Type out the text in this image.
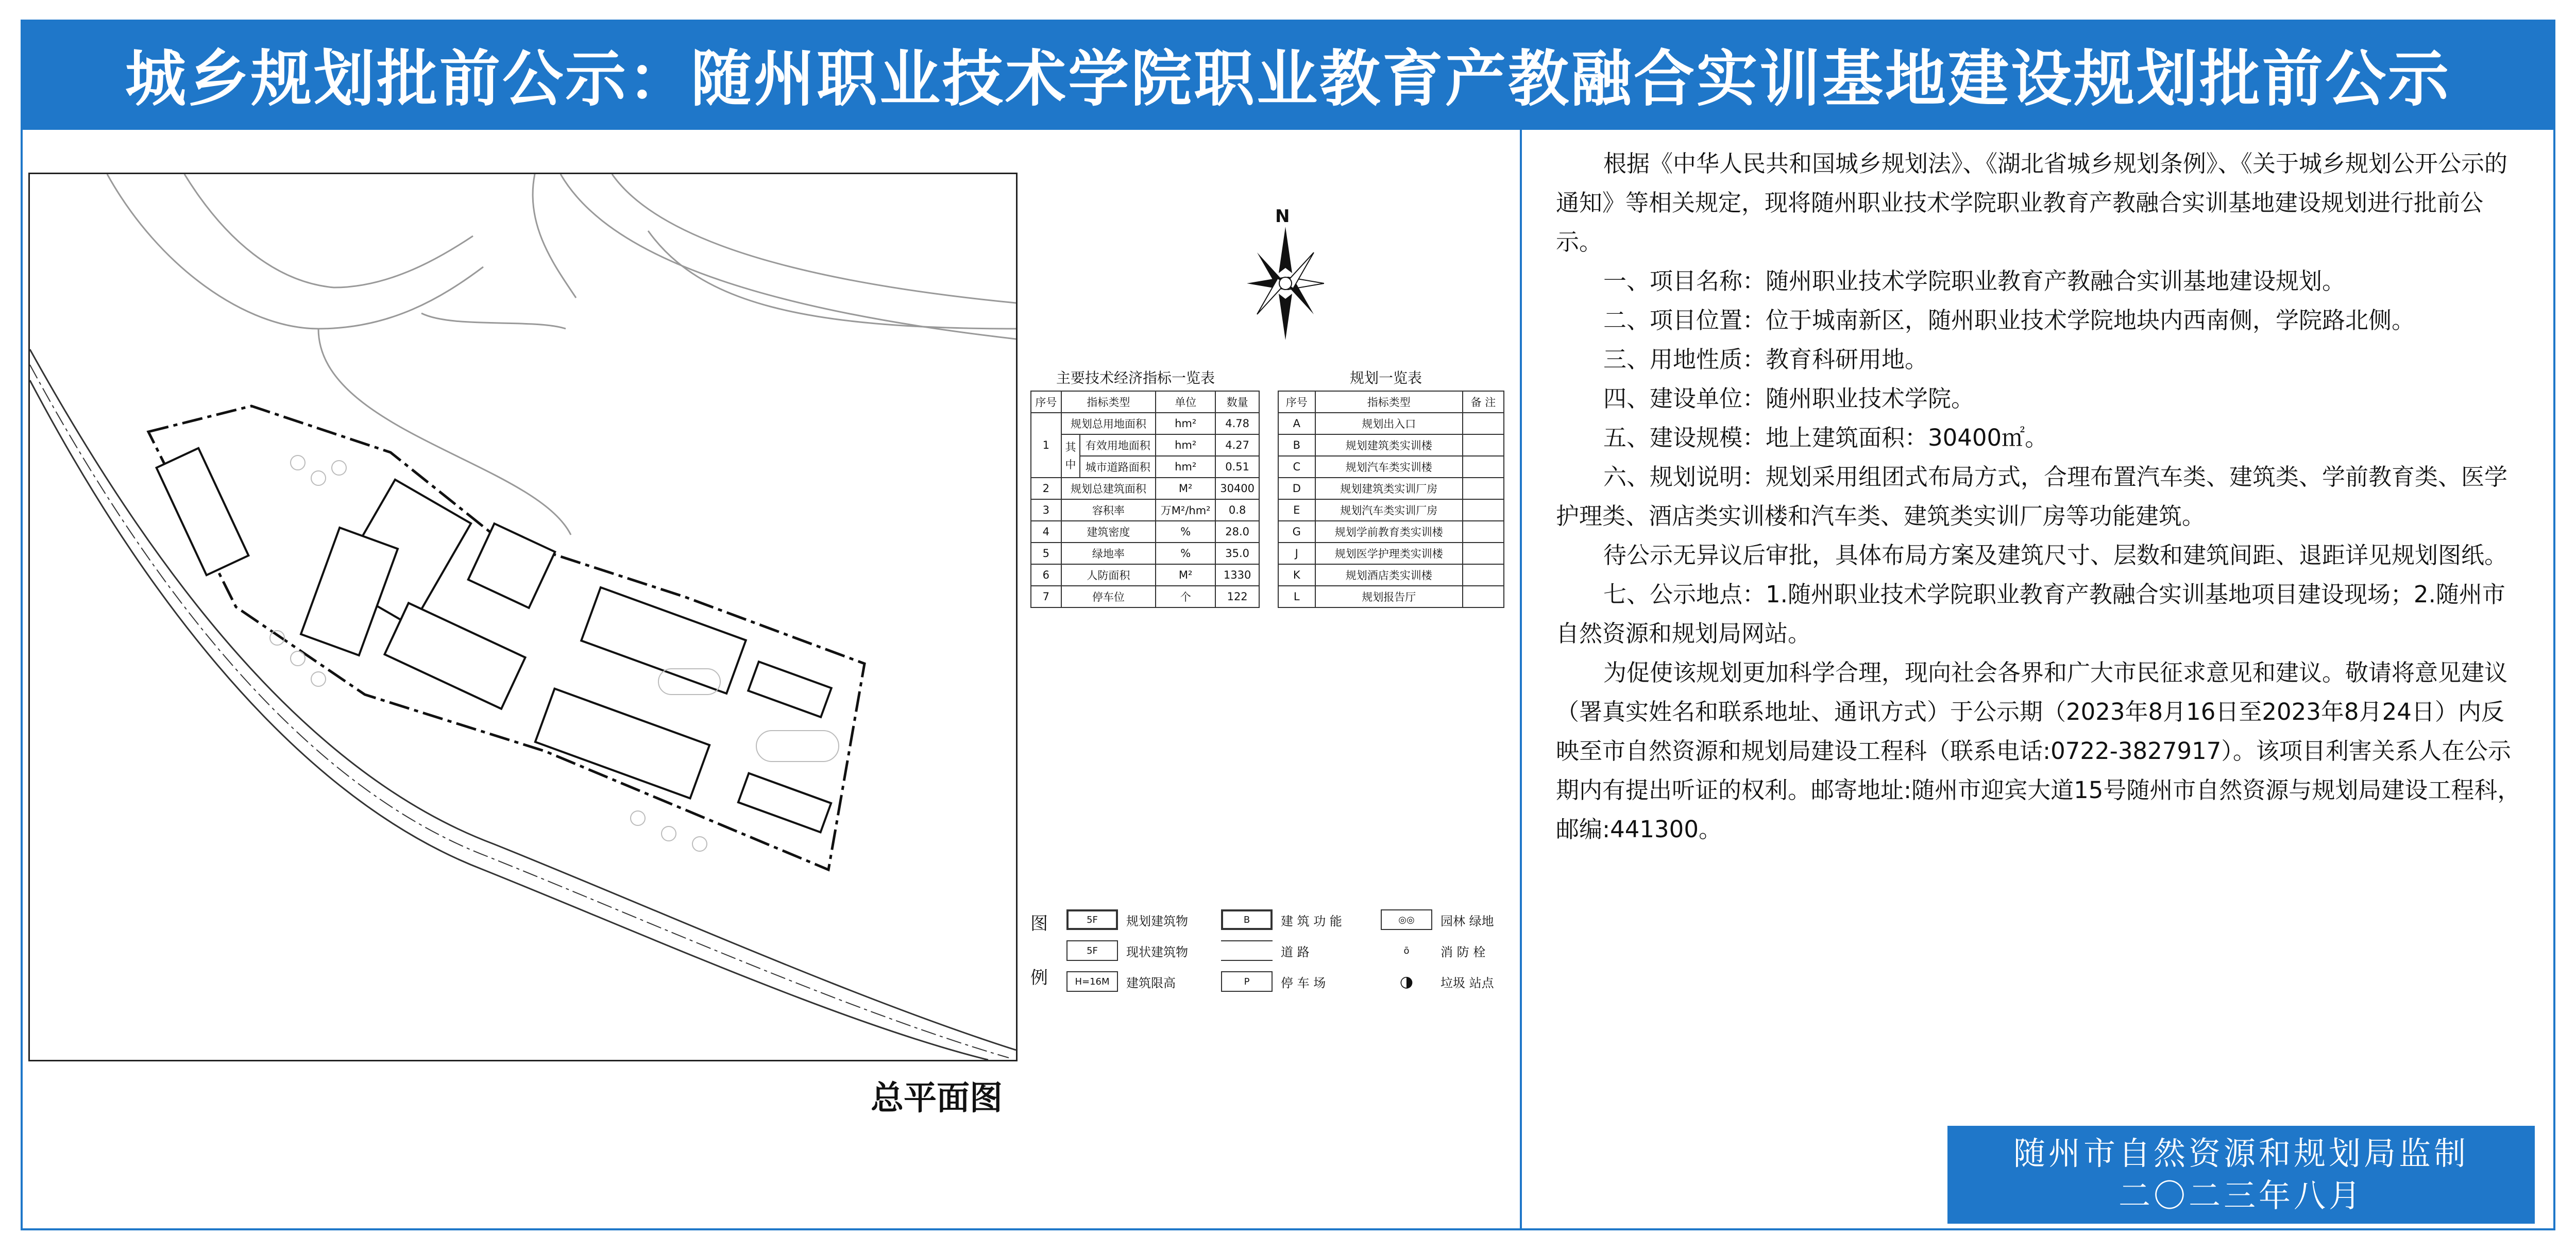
城乡规划批前公示：随州职业技术学院职业教育产教融合实训基地建设规划批前公示
总平面图
N
主要技术经济指标一览表
序号	指标类型		单位	数量
1	规划总用地面积		hm²	4.78
	其
中	有效用地面积	hm²	4.27
		城市道路面积	hm²	0.51
2	规划总建筑面积		M²	30400
3	容积率		万M²/hm²	0.8
4	建筑密度		%	28.0
5	绿地率		%	35.0
6	人防面积		M²	1330
7	停车位		个	122
规划一览表
序号	指标类型	备 注
A	规划出入口	
B	规划建筑类实训楼	
C	规划汽车类实训楼	
D	规划建筑类实训厂房	
E	规划汽车类实训厂房	
G	规划学前教育类实训楼	
J	规划医学护理类实训楼	
K	规划酒店类实训楼	
L	规划报告厅	
图
例
5F	规划建筑物
5F	现状建筑物
H=16M	建筑限高
B	建 筑 功 能
道 路
P	停 车 场
◎◎	园林 绿地
ō	消 防 栓
◑	垃圾 站点

根据《中华人民共和国城乡规划法》、《湖北省城乡规划条例》、《关于城乡规划公开公示的通知》等相关规定，现将随州职业技术学院职业教育产教融合实训基地建设规划进行批前公示。

一、项目名称：随州职业技术学院职业教育产教融合实训基地建设规划。

二、项目位置：位于城南新区，随州职业技术学院地块内西南侧，学院路北侧。

三、用地性质：教育科研用地。

四、建设单位：随州职业技术学院。

五、建设规模：地上建筑面积：30400㎡。

六、规划说明：规划采用组团式布局方式，合理布置汽车类、建筑类、学前教育类、医学护理类、酒店类实训楼和汽车类、建筑类实训厂房等功能建筑。

待公示无异议后审批，具体布局方案及建筑尺寸、层数和建筑间距、退距详见规划图纸。

七、公示地点：1.随州职业技术学院职业教育产教融合实训基地项目建设现场；2.随州市自然资源和规划局网站。

为促使该规划更加科学合理，现向社会各界和广大市民征求意见和建议。敬请将意见建议（署真实姓名和联系地址、通讯方式）于公示期（2023年8月16日至2023年8月24日）内反映至市自然资源和规划局建设工程科（联系电话:0722-3827917）。该项目利害关系人在公示期内有提出听证的权利。邮寄地址:随州市迎宾大道15号随州市自然资源与规划局建设工程科，邮编:441300。

随州市自然资源和规划局监制
二〇二三年八月
